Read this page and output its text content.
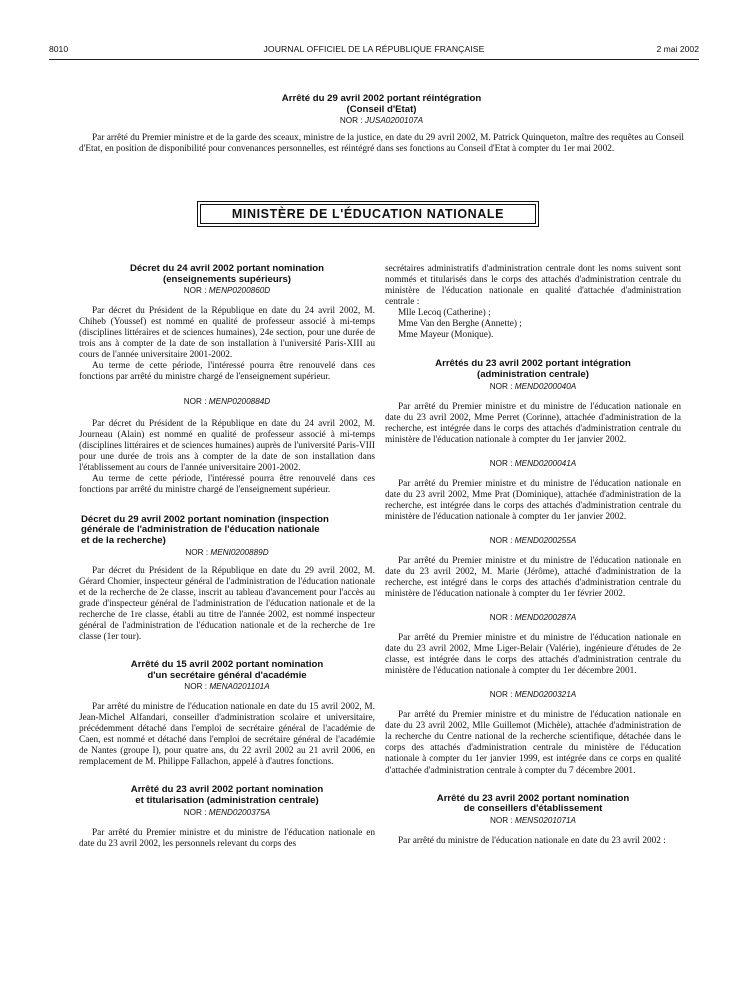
8010	JOURNAL OFFICIEL DE LA RÉPUBLIQUE FRANÇAISE	2 mai 2002
Arrêté du 29 avril 2002 portant réintégration
(Conseil d'Etat)
NOR : JUSA0200107A

Par arrêté du Premier ministre et de la garde des sceaux, ministre de la justice, en date du 29 avril 2002, M. Patrick Quinqueton, maître des requêtes au Conseil d'Etat, en position de disponibilité pour convenances personnelles, est réintégré dans ses fonctions au Conseil d'Etat à compter du 1er mai 2002.

MINISTÈRE DE L'ÉDUCATION NATIONALE
Décret du 24 avril 2002 portant nomination
(enseignements supérieurs)
NOR : MENP0200860D

Par décret du Président de la République en date du 24 avril 2002, M. Chiheb (Youssef) est nommé en qualité de professeur associé à mi-temps (disciplines littéraires et de sciences humaines), 24e section, pour une durée de trois ans à compter de la date de son installation à l'université Paris-XIII au cours de l'année universitaire 2001-2002.

Au terme de cette période, l'intéressé pourra être renouvelé dans ces fonctions par arrêté du ministre chargé de l'enseignement supérieur.

NOR : MENP0200884D

Par décret du Président de la République en date du 24 avril 2002, M. Journeau (Alain) est nommé en qualité de professeur associé à mi-temps (disciplines littéraires et de sciences humaines) auprès de l'université Paris-VIII pour une durée de trois ans à compter de la date de son installation dans l'établissement au cours de l'année universitaire 2001-2002.

Au terme de cette période, l'intéressé pourra être renouvelé dans ces fonctions par arrêté du ministre chargé de l'enseignement supérieur.

Décret du 29 avril 2002 portant nomination (inspection
générale de l'administration de l'éducation nationale
et de la recherche)
NOR : MENI0200889D

Par décret du Président de la République en date du 29 avril 2002, M. Gérard Chomier, inspecteur général de l'administration de l'éducation nationale et de la recherche de 2e classe, inscrit au tableau d'avancement pour l'accès au grade d'inspecteur général de l'administration de l'éducation nationale et de la recherche de 1re classe, établi au titre de l'année 2002, est nommé inspecteur général de l'administration de l'éducation nationale et de la recherche de 1re classe (1er tour).

Arrêté du 15 avril 2002 portant nomination
d'un secrétaire général d'académie
NOR : MENA0201101A

Par arrêté du ministre de l'éducation nationale en date du 15 avril 2002, M. Jean-Michel Alfandari, conseiller d'administration scolaire et universitaire, précédemment détaché dans l'emploi de secrétaire général de l'académie de Caen, est nommé et détaché dans l'emploi de secrétaire général de l'académie de Nantes (groupe I), pour quatre ans, du 22 avril 2002 au 21 avril 2006, en remplacement de M. Philippe Fallachon, appelé à d'autres fonctions.

Arrêté du 23 avril 2002 portant nomination
et titularisation (administration centrale)
NOR : MEND0200375A

Par arrêté du Premier ministre et du ministre de l'éducation nationale en date du 23 avril 2002, les personnels relevant du corps des

secrétaires administratifs d'administration centrale dont les noms suivent sont nommés et titularisés dans le corps des attachés d'administration centrale du ministère de l'éducation nationale en qualité d'attachée d'administration centrale :

Mlle Lecoq (Catherine) ;

Mme Van den Berghe (Annette) ;

Mme Mayeur (Monique).

Arrêtés du 23 avril 2002 portant intégration
(administration centrale)
NOR : MEND0200040A

Par arrêté du Premier ministre et du ministre de l'éducation nationale en date du 23 avril 2002, Mme Perret (Corinne), attachée d'administration de la recherche, est intégrée dans le corps des attachés d'administration centrale du ministère de l'éducation nationale à compter du 1er janvier 2002.

NOR : MEND0200041A

Par arrêté du Premier ministre et du ministre de l'éducation nationale en date du 23 avril 2002, Mme Prat (Dominique), attachée d'administration de la recherche, est intégrée dans le corps des attachés d'administration centrale du ministère de l'éducation nationale à compter du 1er janvier 2002.

NOR : MEND0200255A

Par arrêté du Premier ministre et du ministre de l'éducation nationale en date du 23 avril 2002, M. Marie (Jérôme), attaché d'administration de la recherche, est intégré dans le corps des attachés d'administration centrale du ministère de l'éducation nationale à compter du 1er février 2002.

NOR : MEND0200287A

Par arrêté du Premier ministre et du ministre de l'éducation nationale en date du 23 avril 2002, Mme Liger-Belair (Valérie), ingénieure d'études de 2e classe, est intégrée dans le corps des attachés d'administration centrale du ministère de l'éducation nationale à compter du 1er décembre 2001.

NOR : MEND0200321A

Par arrêté du Premier ministre et du ministre de l'éducation nationale en date du 23 avril 2002, Mlle Guillemot (Michèle), attachée d'administration de la recherche du Centre national de la recherche scientifique, détachée dans le corps des attachés d'administration centrale du ministère de l'éducation nationale à compter du 1er janvier 1999, est intégrée dans ce corps en qualité d'attachée d'administration centrale à compter du 7 décembre 2001.

Arrêté du 23 avril 2002 portant nomination
de conseillers d'établissement
NOR : MENS0201071A

Par arrêté du ministre de l'éducation nationale en date du 23 avril 2002 :
